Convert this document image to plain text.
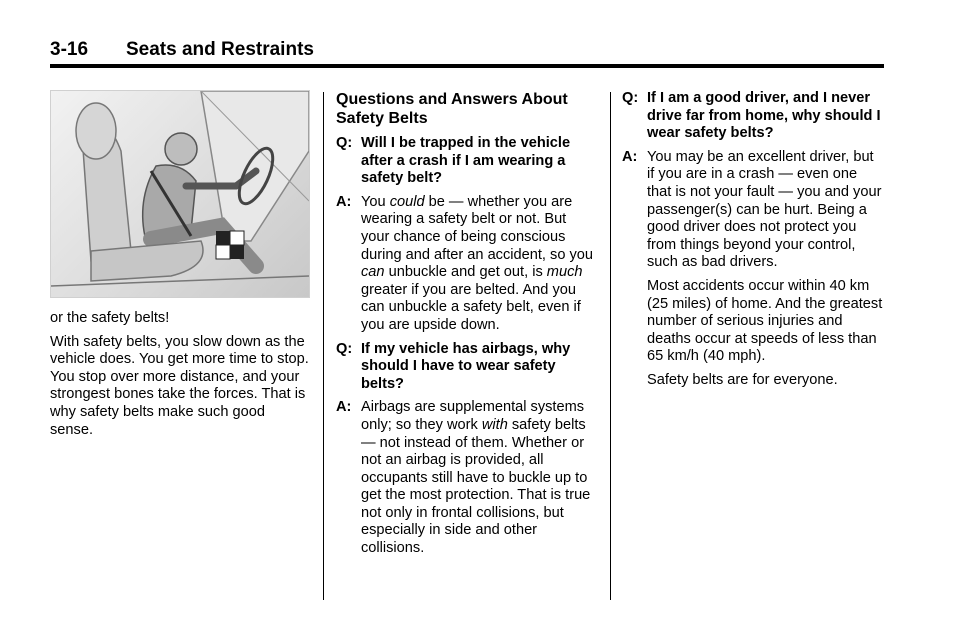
3-16 Seats and Restraints

or the safety belts!

With safety belts, you slow down as the vehicle does. You get more time to stop. You stop over more distance, and your strongest bones take the forces. That is why safety belts make such good sense.

Questions and Answers About Safety Belts
Q: Will I be trapped in the vehicle after a crash if I am wearing a safety belt?
A: You could be — whether you are wearing a safety belt or not. But your chance of being conscious during and after an accident, so you can unbuckle and get out, is much greater if you are belted. And you can unbuckle a safety belt, even if you are upside down.
Q: If my vehicle has airbags, why should I have to wear safety belts?
A: Airbags are supplemental systems only; so they work with safety belts — not instead of them. Whether or not an airbag is provided, all occupants still have to buckle up to get the most protection. That is true not only in frontal collisions, but especially in side and other collisions.
Q: If I am a good driver, and I never drive far from home, why should I wear safety belts?
A: You may be an excellent driver, but if you are in a crash — even one that is not your fault — you and your passenger(s) can be hurt. Being a good driver does not protect you from things beyond your control, such as bad drivers.

Most accidents occur within 40 km (25 miles) of home. And the greatest number of serious injuries and deaths occur at speeds of less than 65 km/h (40 mph).

Safety belts are for everyone.
